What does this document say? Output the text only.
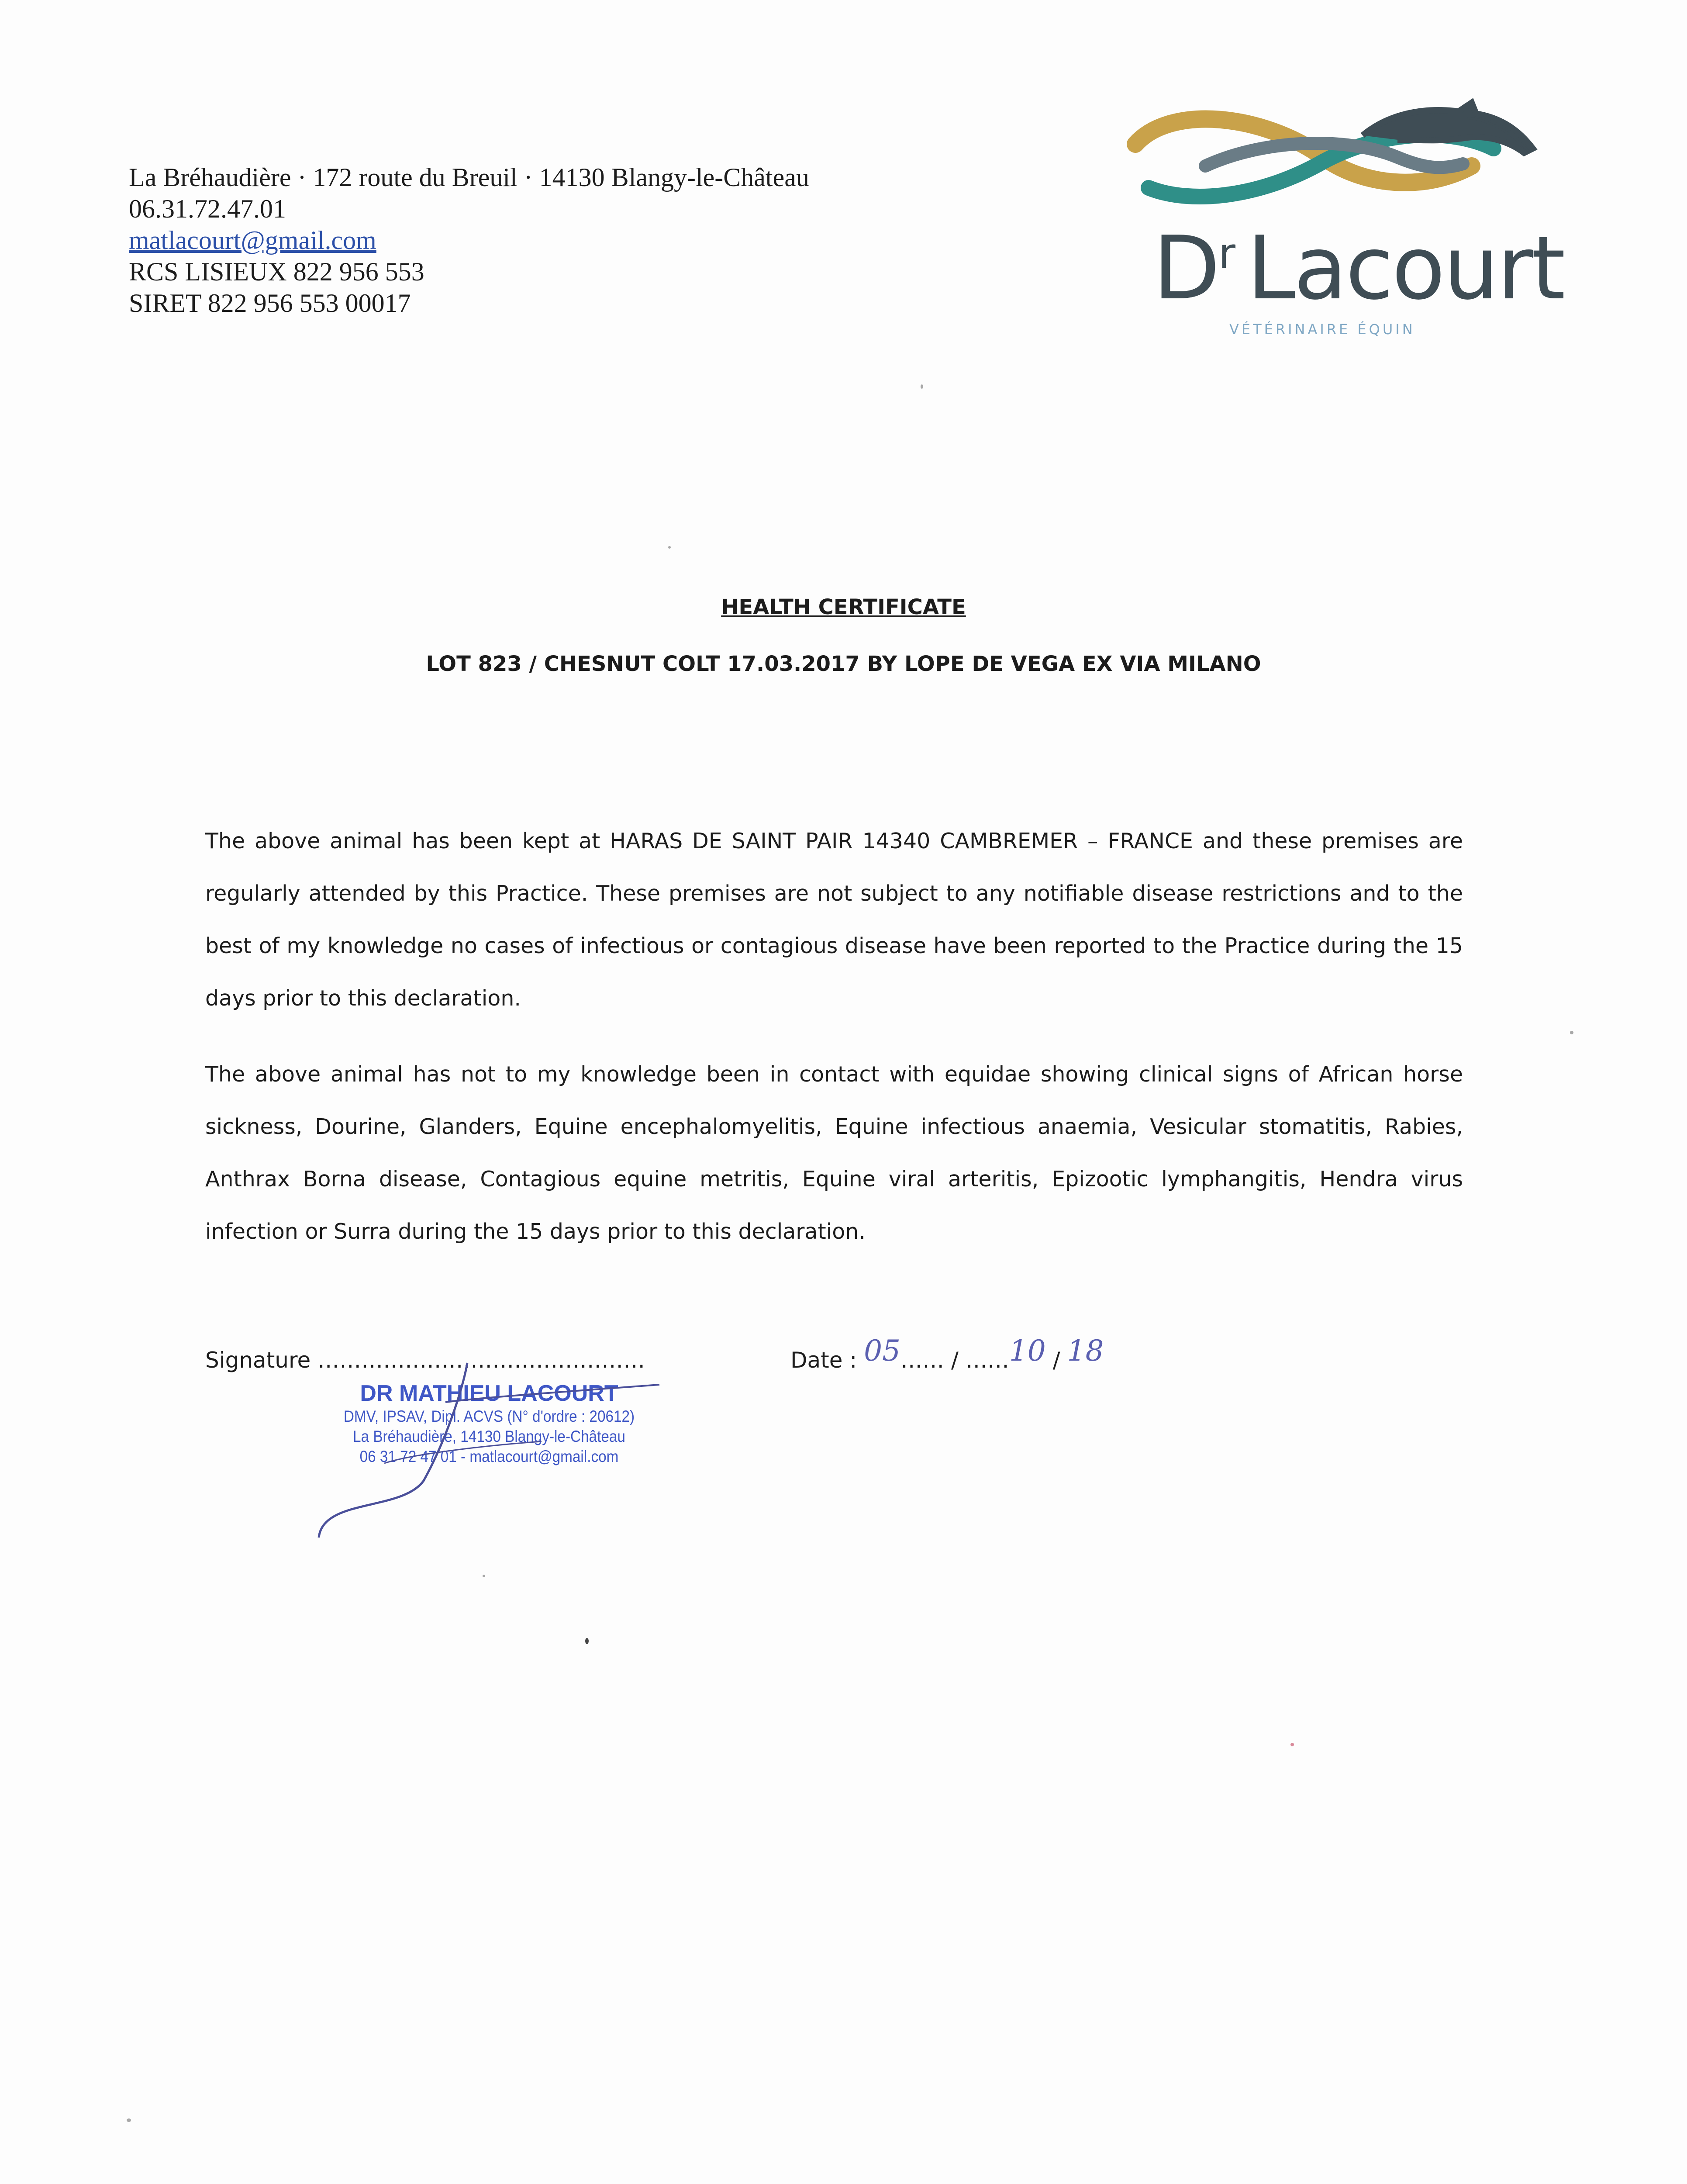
La Bréhaudière · 172 route du Breuil · 14130 Blangy-le-Château
06.31.72.47.01
matlacourt@gmail.com
RCS LISIEUX 822 956 553
SIRET 822 956 553 00017	$D^r$ Lacourt
VÉTÉRINAIRE ÉQUIN
HEALTH CERTIFICATE
LOT 823 / CHESNUT COLT 17.03.2017 BY LOPE DE VEGA EX VIA MILANO
The above animal has been kept at HARAS DE SAINT PAIR 14340 CAMBREMER – FRANCE and these premises are regularly attended by this Practice. These premises are not subject to any notifiable disease restrictions and to the best of my knowledge no cases of infectious or contagious disease have been reported to the Practice during the 15 days prior to this declaration.
The above animal has not to my knowledge been in contact with equidae showing clinical signs of African horse sickness, Dourine, Glanders, Equine encephalomyelitis, Equine infectious anaemia, Vesicular stomatitis, Rabies, Anthrax Borna disease, Contagious equine metritis, Equine viral arteritis, Epizootic lymphangitis, Hendra virus infection or Surra during the 15 days prior to this declaration.
Signature ………………………………………
DR MATHIEU LACOURT
DMV, IPSAV, Dipl. ACVS (N° d'ordre : 20612)
La Bréhaudière, 14130 Blangy-le-Château
06 31 72 47 01 - matlacourt@gmail.com
Date : 05…… / ……10 / 18
